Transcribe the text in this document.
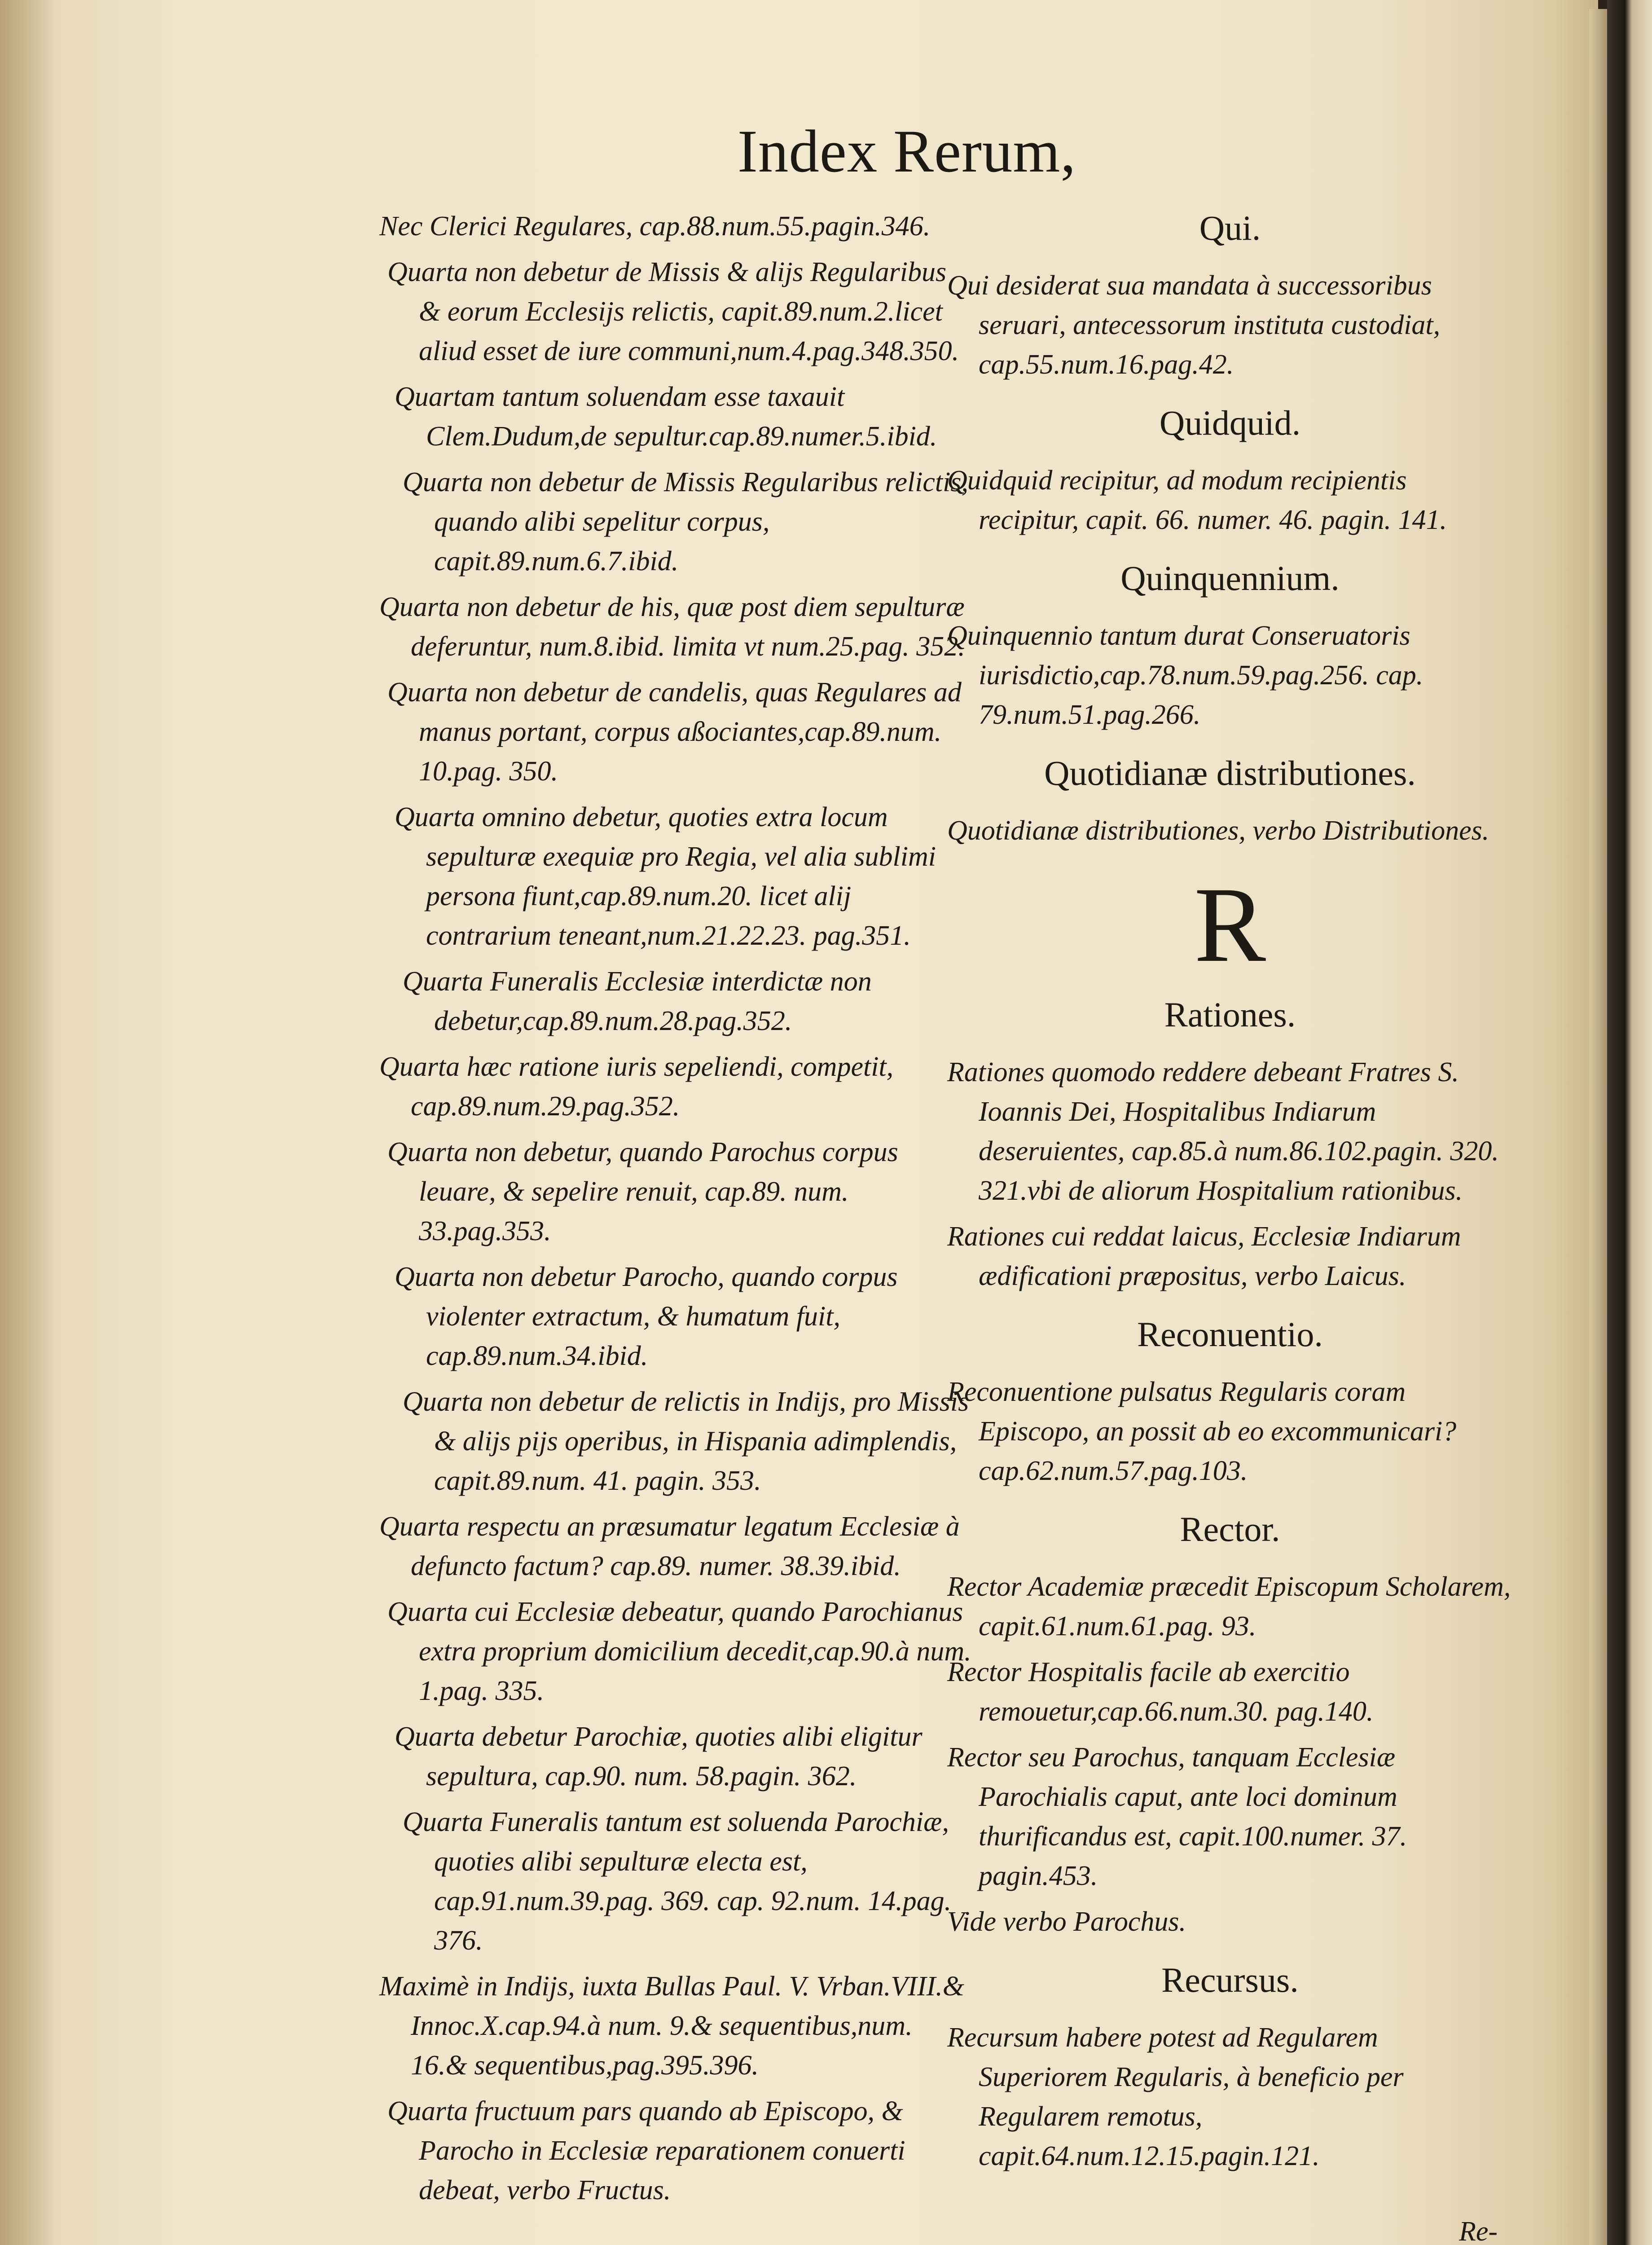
Index Rerum,

Nec Clerici Regulares, cap.88.num.55.pagin.346.

Quarta non debetur de Missis & alijs Regularibus & eorum Ecclesijs relictis, capit.89.num.2.licet aliud esset de iure communi,num.4.pag.348.350.

Quartam tantum soluendam esse taxauit Clem.Dudum,de sepultur.cap.89.numer.5.ibid.

Quarta non debetur de Missis Regularibus relictis, quando alibi sepelitur corpus, capit.89.num.6.7.ibid.

Quarta non debetur de his, quæ post diem sepulturæ deferuntur, num.8.ibid. limita vt num.25.pag. 352.

Quarta non debetur de candelis, quas Regulares ad manus portant, corpus aßociantes,cap.89.num. 10.pag. 350.

Quarta omnino debetur, quoties extra locum sepulturæ exequiæ pro Regia, vel alia sublimi persona fiunt,cap.89.num.20. licet alij contrarium teneant,num.21.22.23. pag.351.

Quarta Funeralis Ecclesiæ interdictæ non debetur,cap.89.num.28.pag.352.

Quarta hæc ratione iuris sepeliendi, competit, cap.89.num.29.pag.352.

Quarta non debetur, quando Parochus corpus leuare, & sepelire renuit, cap.89. num. 33.pag.353.

Quarta non debetur Parocho, quando corpus violenter extractum, & humatum fuit, cap.89.num.34.ibid.

Quarta non debetur de relictis in Indijs, pro Missis & alijs pijs operibus, in Hispania adimplendis, capit.89.num. 41. pagin. 353.

Quarta respectu an præsumatur legatum Ecclesiæ à defuncto factum? cap.89. numer. 38.39.ibid.

Quarta cui Ecclesiæ debeatur, quando Parochianus extra proprium domicilium decedit,cap.90.à num. 1.pag. 335.

Quarta debetur Parochiæ, quoties alibi eligitur sepultura, cap.90. num. 58.pagin. 362.

Quarta Funeralis tantum est soluenda Parochiæ, quoties alibi sepulturæ electa est, cap.91.num.39.pag. 369. cap. 92.num. 14.pag. 376.

Maximè in Indijs, iuxta Bullas Paul. V. Vrban.VIII.& Innoc.X.cap.94.à num. 9.& sequentibus,num. 16.& sequentibus,pag.395.396.

Quarta fructuum pars quando ab Episcopo, & Parocho in Ecclesiæ reparationem conuerti debeat, verbo Fructus.

Qui.

Qui desiderat sua mandata à successoribus seruari, antecessorum instituta custodiat, cap.55.num.16.pag.42.

Quidquid.

Quidquid recipitur, ad modum recipientis recipitur, capit. 66. numer. 46. pagin. 141.

Quinquennium.

Quinquennio tantum durat Conseruatoris iurisdictio,cap.78.num.59.pag.256. cap. 79.num.51.pag.266.

Quotidianæ distributiones.

Quotidianæ distributiones, verbo Distributiones.

R
Rationes.

Rationes quomodo reddere debeant Fratres S. Ioannis Dei, Hospitalibus Indiarum deseruientes, cap.85.à num.86.102.pagin. 320. 321.vbi de aliorum Hospitalium rationibus.

Rationes cui reddat laicus, Ecclesiæ Indiarum ædificationi præpositus, verbo Laicus.

Reconuentio.

Reconuentione pulsatus Regularis coram Episcopo, an possit ab eo excommunicari? cap.62.num.57.pag.103.

Rector.

Rector Academiæ præcedit Episcopum Scholarem, capit.61.num.61.pag. 93.

Rector Hospitalis facile ab exercitio remouetur,cap.66.num.30. pag.140.

Rector seu Parochus, tanquam Ecclesiæ Parochialis caput, ante loci dominum thurificandus est, capit.100.numer. 37. pagin.453.

Vide verbo Parochus.

Recursus.

Recursum habere potest ad Regularem Superiorem Regularis, à beneficio per Regularem remotus, capit.64.num.12.15.pagin.121.

Re-
